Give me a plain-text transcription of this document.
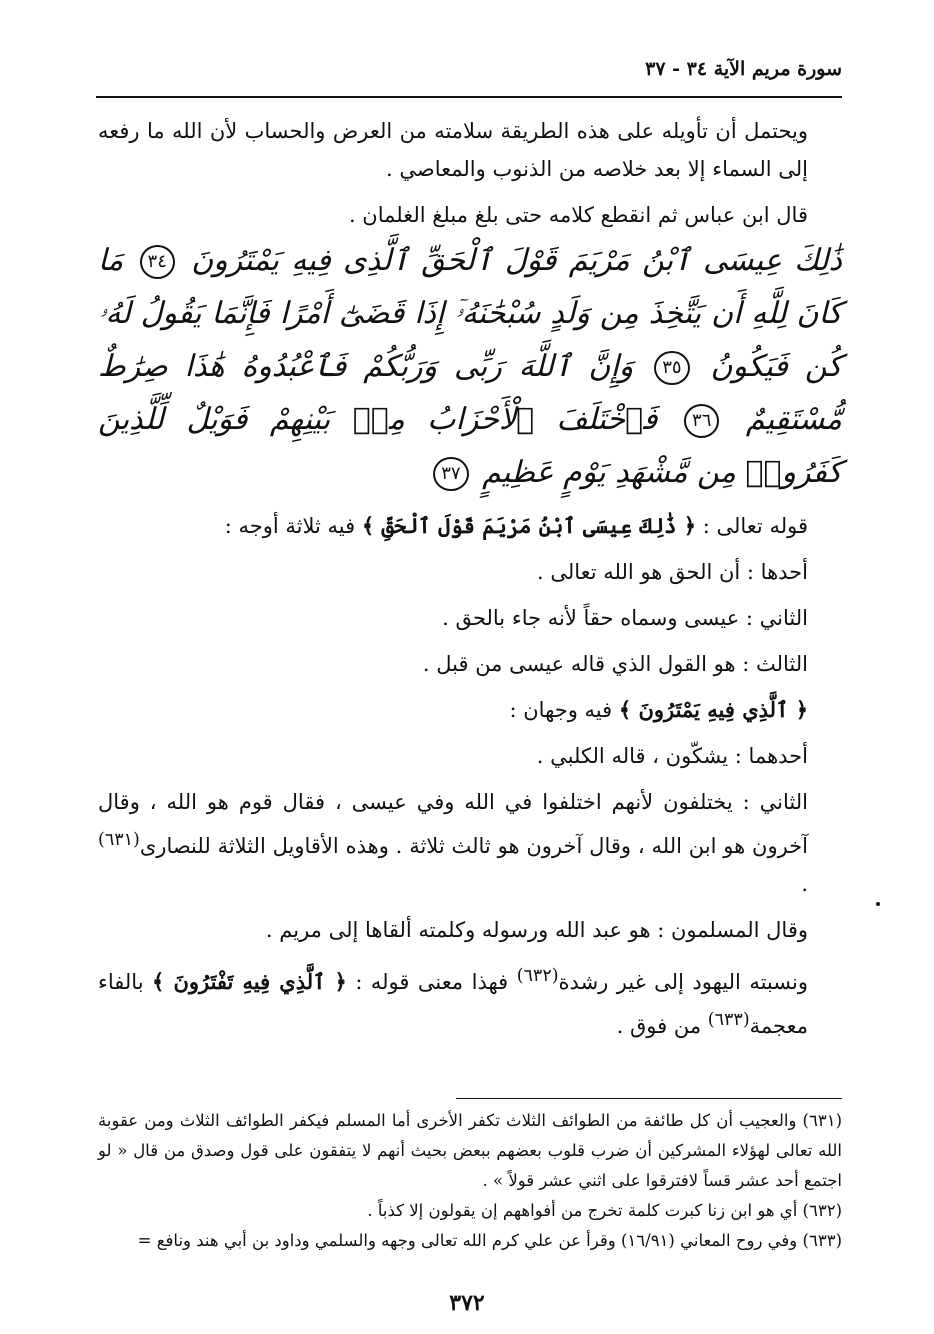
سورة مريم الآية ٣٤ - ٣٧

ويحتمل أن تأويله على هذه الطريقة سلامته من العرض والحساب لأن الله ما رفعه إلى السماء إلا بعد خلاصه من الذنوب والمعاصي .

قال ابن عباس ثم انقطع كلامه حتى بلغ مبلغ الغلمان .

ذَٰلِكَ عِيسَى ٱبْنُ مَرْيَمَ قَوْلَ ٱلْحَقِّ ٱلَّذِى فِيهِ يَمْتَرُونَ ٣٤ مَا كَانَ لِلَّهِ أَن يَتَّخِذَ مِن وَلَدٍ سُبْحَٰنَهُۥٓ إِذَا قَضَىٰٓ أَمْرًا فَإِنَّمَا يَقُولُ لَهُۥ كُن فَيَكُونُ ٣٥ وَإِنَّ ٱللَّهَ رَبِّى وَرَبُّكُمْ فَٱعْبُدُوهُ هَٰذَا صِرَٰطٌ مُّسْتَقِيمٌ ٣٦ فَٱخْتَلَفَ ٱلْأَحْزَابُ مِنۢ بَيْنِهِمْ فَوَيْلٌ لِّلَّذِينَ كَفَرُوا۟ مِن مَّشْهَدِ يَوْمٍ عَظِيمٍ ٣٧

قوله تعالى : ﴿ ذَٰلِكَ عِيسَى ٱبْنُ مَرْيَمَ قَوْلَ ٱلْحَقِّ ﴾ فيه ثلاثة أوجه :

أحدها : أن الحق هو الله تعالى .

الثاني : عيسى وسماه حقاً لأنه جاء بالحق .

الثالث : هو القول الذي قاله عيسى من قبل .

﴿ ٱلَّذِي فِيهِ يَمْتَرُونَ ﴾ فيه وجهان :

أحدهما : يشكّون ، قاله الكلبي .

الثاني : يختلفون لأنهم اختلفوا في الله وفي عيسى ، فقال قوم هو الله ، وقال آخرون هو ابن الله ، وقال آخرون هو ثالث ثلاثة . وهذه الأقاويل الثلاثة للنصارى$^{(٦٣١)}$ .

وقال المسلمون : هو عبد الله ورسوله وكلمته ألقاها إلى مريم .

ونسبته اليهود إلى غير رشدة$^{(٦٣٢)}$ فهذا معنى قوله : ﴿ ٱلَّذِي فِيهِ تَفْتَرُونَ ﴾ بالفاء معجمة$^{(٦٣٣)}$ من فوق .

(٦٣١) والعجيب أن كل طائفة من الطوائف الثلاث تكفر الأخرى أما المسلم فيكفر الطوائف الثلاث ومن عقوبة الله تعالى لهؤلاء المشركين أن ضرب قلوب بعضهم ببعض بحيث أنهم لا يتفقون على قول وصدق من قال « لو اجتمع أحد عشر قساً لافترقوا على اثني عشر قولاً » .

(٦٣٢) أي هو ابن زنا كبرت كلمة تخرج من أفواههم إن يقولون إلا كذباً .

(٦٣٣) وفي روح المعاني (١٦/٩١) وقرأ عن علي كرم الله تعالى وجهه والسلمي وداود بن أبي هند ونافع =

٣٧٢
